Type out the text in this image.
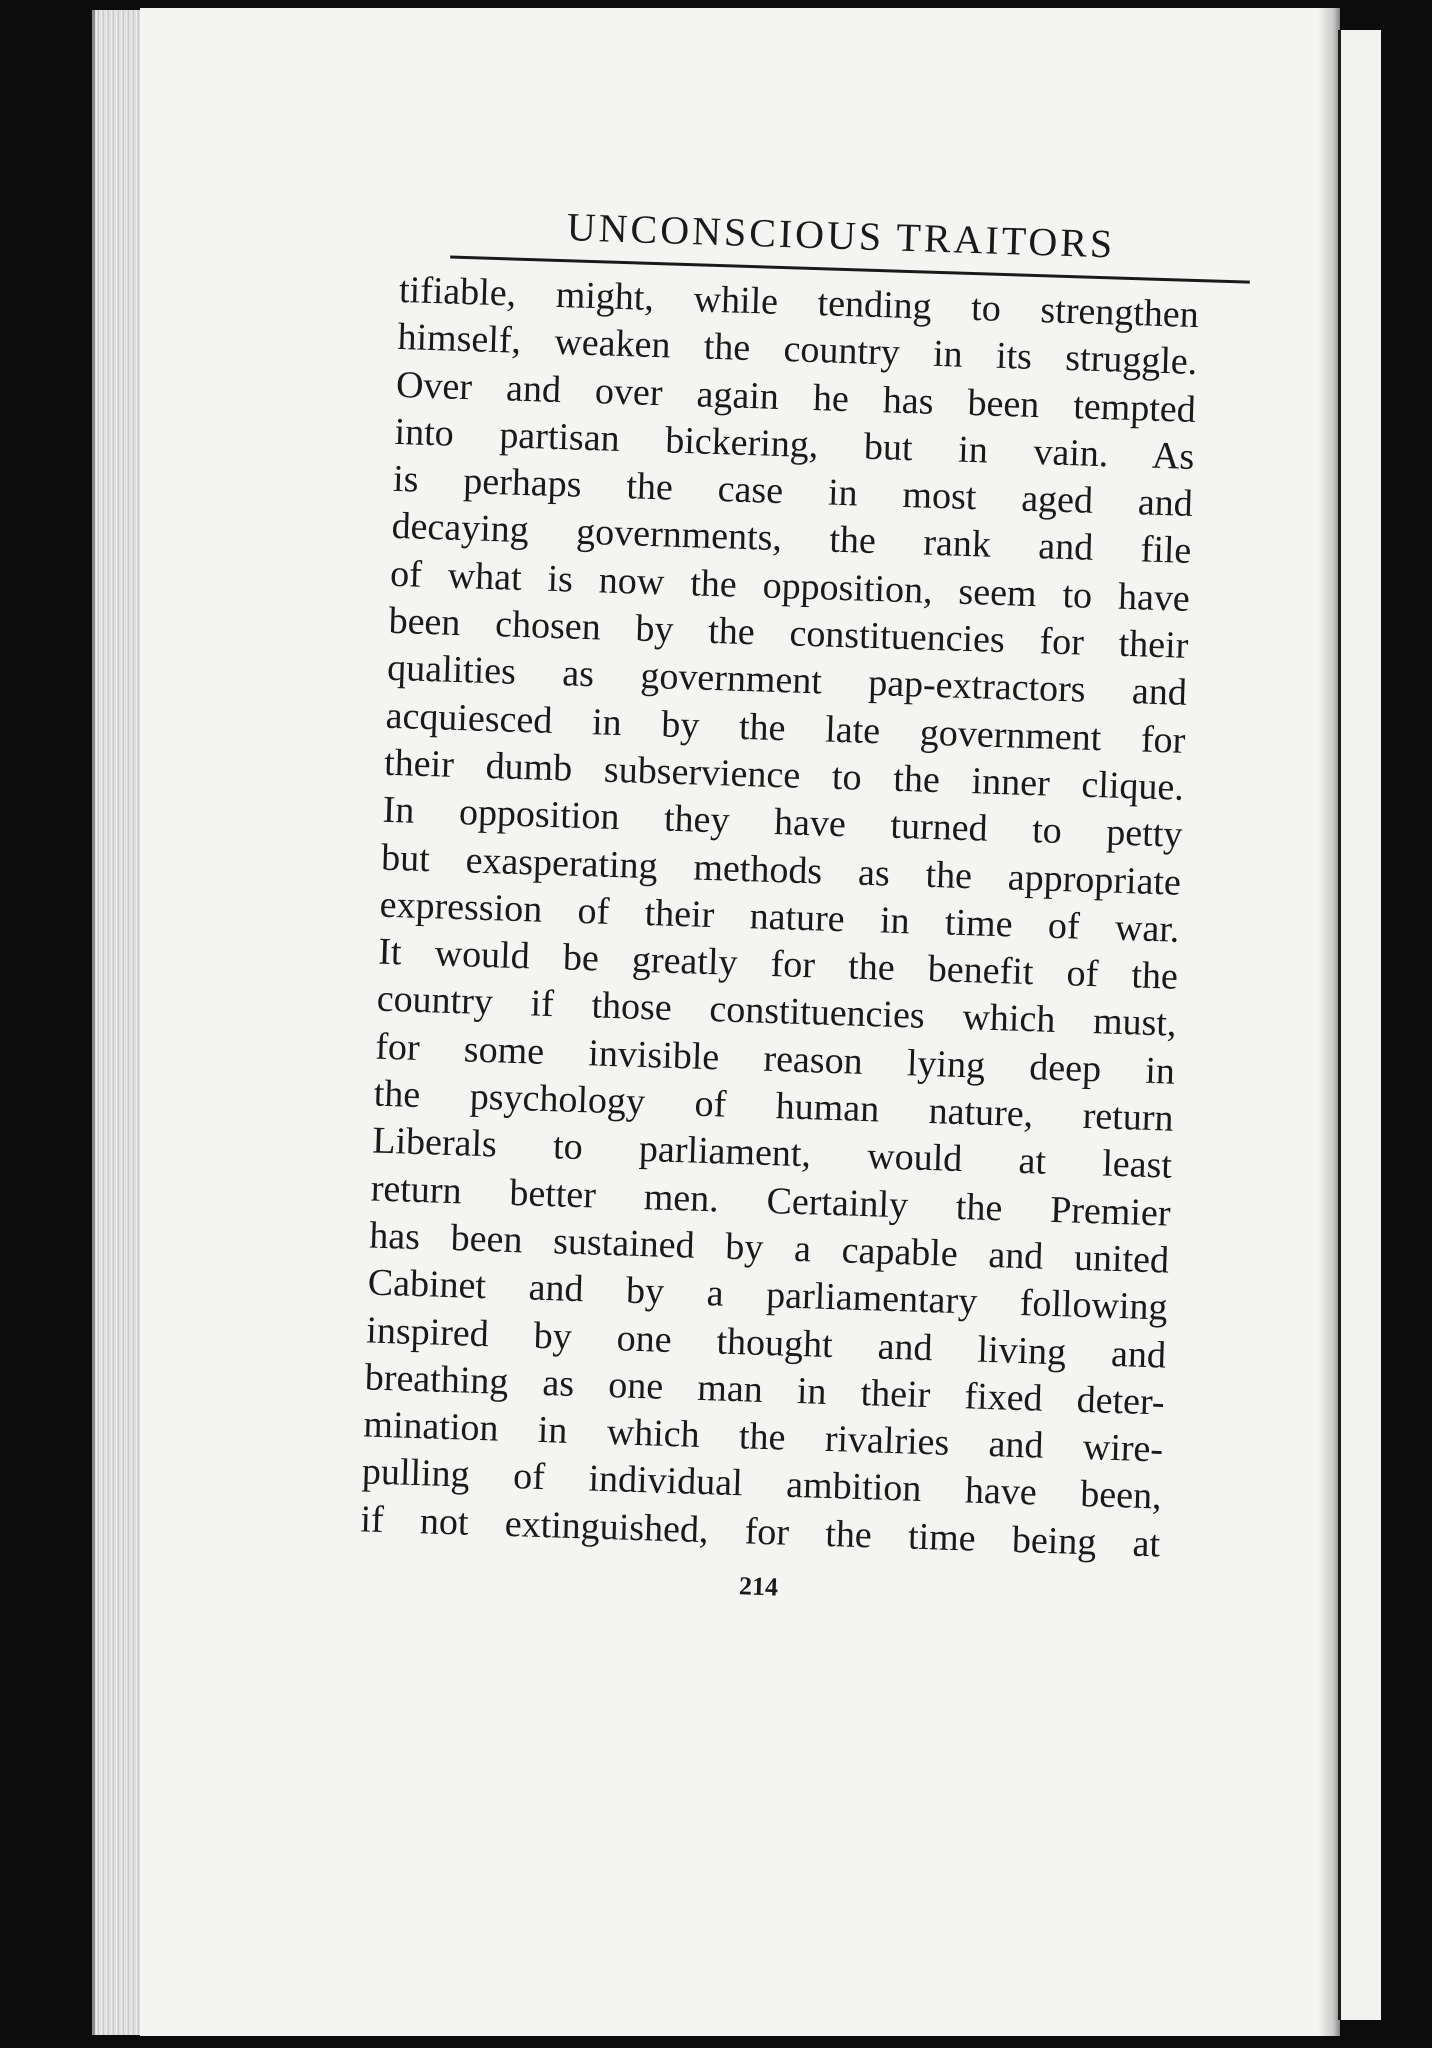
UNCONSCIOUS TRAITORS
tifiable, might, while tending to strengthen
himself, weaken the country in its struggle.
Over and over again he has been tempted
into partisan bickering, but in vain. As
is perhaps the case in most aged and
decaying governments, the rank and file
of what is now the opposition, seem to have
been chosen by the constituencies for their
qualities as government pap-extractors and
acquiesced in by the late government for
their dumb subservience to the inner clique.
In opposition they have turned to petty
but exasperating methods as the appropriate
expression of their nature in time of war.
It would be greatly for the benefit of the
country if those constituencies which must,
for some invisible reason lying deep in
the psychology of human nature, return
Liberals to parliament, would at least
return better men. Certainly the Premier
has been sustained by a capable and united
Cabinet and by a parliamentary following
inspired by one thought and living and
breathing as one man in their fixed deter-
mination in which the rivalries and wire-
pulling of individual ambition have been,
if not extinguished, for the time being at
214
